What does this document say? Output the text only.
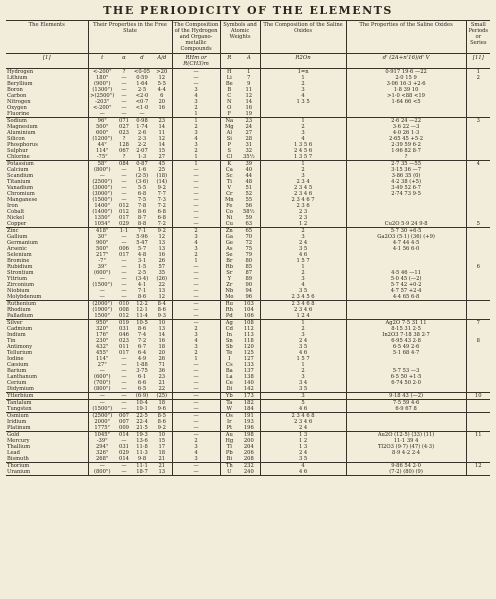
THE PERIODICITY OF THE ELEMENTS
The Elements	Their Properties in the Free State				The Composition of the Hydrogen and Organo-metallic Compounds	Symbols and Atomic Weights		The Composition of the Saline Oxides	The Properties of the Saline Oxides	Small Periods or Series
[1]	t	α	d	A/d	RHm or R(CH3)m	R	A	R2On	d' (2A+n'16)/d' V	[11]
Hydrogen	<-200°	?	<0·05	>20	—	H	1	1=n	0·917 19·6 —22	1
Lithium	180°	—	0·59	12	—	Li	7	1	2·0 15 9	2
Beryllium	(900°)	—	1·64	5·5	—	Be	9	2	3·06 16·3 +2·6	
Boron	(1300°)	—	2·5	4·4	3	B	11	3	1·8 39 10	
Carbon	>(2500°)	—	<2·0	6	4	C	12	4	>1·0 <88 <19	
Nitrogen	-203°	—	<0·7	20	3	N	14	1 3 5	1·64 66 <5	
Oxygen	<-200°	—	<1·0	16	2	O	16			
Fluorine	—	—	—		1	F	19			
Sodium	96°	071	0·98	23	1	Na	23	1	2·6 24 —22	3
Magnesium	500°	027	1·74	14	2	Mg	24	2	3·6 22 —3	
Aluminium	600°	023	2·6	11	3	Al	27	3	4·0 26 1·3	
Silicon	(1200°)	?	2·3	12	4	Si	28	4	2·65 45 +5·2	
Phosphorus	44°	128	2·2	14	3	P	31	1 3 5 6	2·39 59 6·2	
Sulphur	114°	067	2·07	15	2	S	32	2 4 5 6	1·96 82 8·7	
Chlorine	-75°	?	1·3	27	1	Cl	35½	1 3 5 7	?	
Potassium	58°	084	0·87	45	1	K	39	1	2·7 35 —55	4
Calcium	(800°)	—	1·6	25	—	Ca	40	2	3·15 36 —7	
Scandium	—	—	(2·5)	(18)	—	Sc	44	3	3·86 35 (0)	
Titanium	(2500°)	—	(3·6)	(14)	—	Ti	48	2 3 4	4·2 38 (+5)	
Vanadium	(3000°)	—	5·5	9·2	—	V	51	2 3 4 5	3·49 52 6·7	
Chromium	(3000°)	—	6·8	7·7	—	Cr	52	2 3 4 6	2·74 73 9·5	
Manganese	(1500°)	—	7·5	7·3	—	Mn	55	2 3 4 6 7		
Iron	1400°	012	7·8	7·2	—	Fe	56	2 3 6		
Cobalt	(1400°)	012	8·6	6·8	—	Co	58½	2 3		
Nickel	1350°	017	8·7	6·8	—	Ni	59	2 3		
Copper	1054°	029	8·8	7·2	—	Cu	63	1 2	Cu2O 5·9 24 9·8	5
Zinc	418°	1·1	7·1	9·2	2	Zn	65	2	5·7 30 +6·5	
Gallium	30°	—	5·96	12	3	Ga	70	3	Ga2O3 (5·1) (36) (+9)	
Germanium	900°	—	5·47	13	4	Ge	72	2 4	4·7 44 4·5	
Arsenic	500°	006	5·7	13	3	As	75	3 5	4·1 56 6·0	
Selenium	217°	017	4·8	16	2	Se	79	4 6		
Bromine	-7°	—	3·1	26	1	Br	80	1 5 7		
Rubidium	39°	—	1·5	57	—	Rb	85	1		6
Strontium	(600°)	—	2·5	35	—	Sr	87	2	4·5 46 —11	
Yttrium	—	—	(3·4)	(26)	—	Y	89	3	5·0 45 (—2)	
Zirconium	(1500°)	—	4·1	22	—	Zr	90	4	5·7 42 +0·2	
Niobium	—	—	7·1	13	—	Nb	94	3 5	4·7 57 +2·4	
Molybdenum	—	—	8·6	12	—	Mo	96	2 3 4 5 6	4·4 65 6·8	
Ruthenium	(2000°)	010	12·2	8·4	—	Ru	103	2 3 4 6 8		
Rhodium	(1900°)	008	12·1	8·6	—	Rh	104	2 3 4 6		
Palladium	1500°	012	11·4	9·3	—	Pd	106	1 2 4		
Silver	950°	019	10·5	10	—	Ag	108	1	Ag2O 7·5 31 11	7
Cadmium	320°	031	8·6	13	2	Cd	112	2	8·15 31 2·5	
Indium	176°	046	7·4	14	3	In	113	3	In2O3 7·18 38 2·7	
Tin	230°	023	7·2	16	4	Sn	118	2 4	6·95 43 2·8	8
Antimony	432°	011	6·7	18	3	Sb	120	3 5	6·5 49 2·6	
Tellurium	455°	017	6·4	20	2	Te	125	4 6	5·1 68 4·7	
Iodine	114°	—	4·9	26	1	I	127	1 5 7		
Cæsium	27°	—	1·88	71	—	Cs	133	1		
Barium	—	—	3·75	36	—	Ba	137	2	5·7 53 —3	
Lanthanum	(600°)	—	6·1	23	—	La	138	3	6·5 50 +1·5	
Cerium	(700°)	—	6·6	21	—	Ce	140	3 4	6·74 50 2·0	
Didymium	(800°)	—	6·5	22	—	Di	142	3 5		
Ytterbium	—	—	(6·9)	(25)	—	Yb	173	3	9·18 43 (—2)	10
Tantalum	—	—	10·4	18	—	Ta	182	5	7·5 59 4·6	
Tungsten	(1500°)	—	19·1	9·6	—	W	184	4 6	6·9 67 8	
Osmium	(2500°)	007	22·5	8·5	—	Os	191	2 3 4 6 8		
Iridium	2000°	007	22·4	8·6	—	Ir	193	2 3 4 6		
Platinum	1775°	009	21·5	9·2	—	Pt	196	2 4		
Gold	1045°	014	19·3	10	—	Au	198	1 3	Au2O (12·5) (33) (11)	11
Mercury	-39°	—	13·6	15	2	Hg	200	1 2	11·1 39 4	
Thallium	294°	031	11·8	17	3	Tl	204	1 3	Tl2O3 (9·7) (47) (4·3)	
Lead	326°	029	11·3	18	4	Pb	206	2 4	8·9 4·2 2·4	
Bismuth	268°	014	9·8	21	3	Bi	208	3 5		
Thorium	—	—	11·1	21	—	Th	232	4	9·86 54 2·0	12
Uranium	(800°)	—	18·7	13	—	U	240	4 6	(7·2) (80) (9)	
